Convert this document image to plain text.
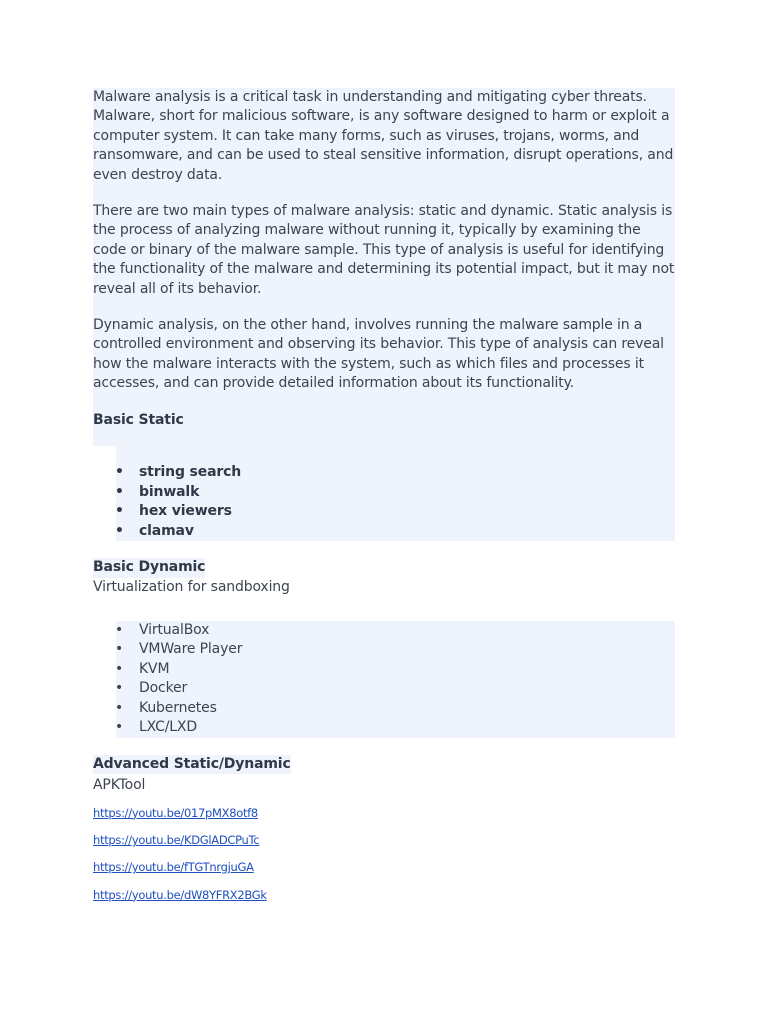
Malware analysis is a critical task in understanding and mitigating cyber threats. Malware, short for malicious software, is any software designed to harm or exploit a computer system. It can take many forms, such as viruses, trojans, worms, and ransomware, and can be used to steal sensitive information, disrupt operations, and even destroy data.

There are two main types of malware analysis: static and dynamic. Static analysis is the process of analyzing malware without running it, typically by examining the code or binary of the malware sample. This type of analysis is useful for identifying the functionality of the malware and determining its potential impact, but it may not reveal all of its behavior.

Dynamic analysis, on the other hand, involves running the malware sample in a controlled environment and observing its behavior. This type of analysis can reveal how the malware interacts with the system, such as which files and processes it accesses, and can provide detailed information about its functionality.

Basic Static

• string search
• binwalk
• hex viewers
• clamav

Basic Dynamic

Virtualization for sandboxing

• VirtualBox
• VMWare Player
• KVM
• Docker
• Kubernetes
• LXC/LXD

Advanced Static/Dynamic

APKTool

https://youtu.be/017pMX8otf8
https://youtu.be/KDGlADCPuTc
https://youtu.be/fTGTnrgjuGA
https://youtu.be/dW8YFRX2BGk
